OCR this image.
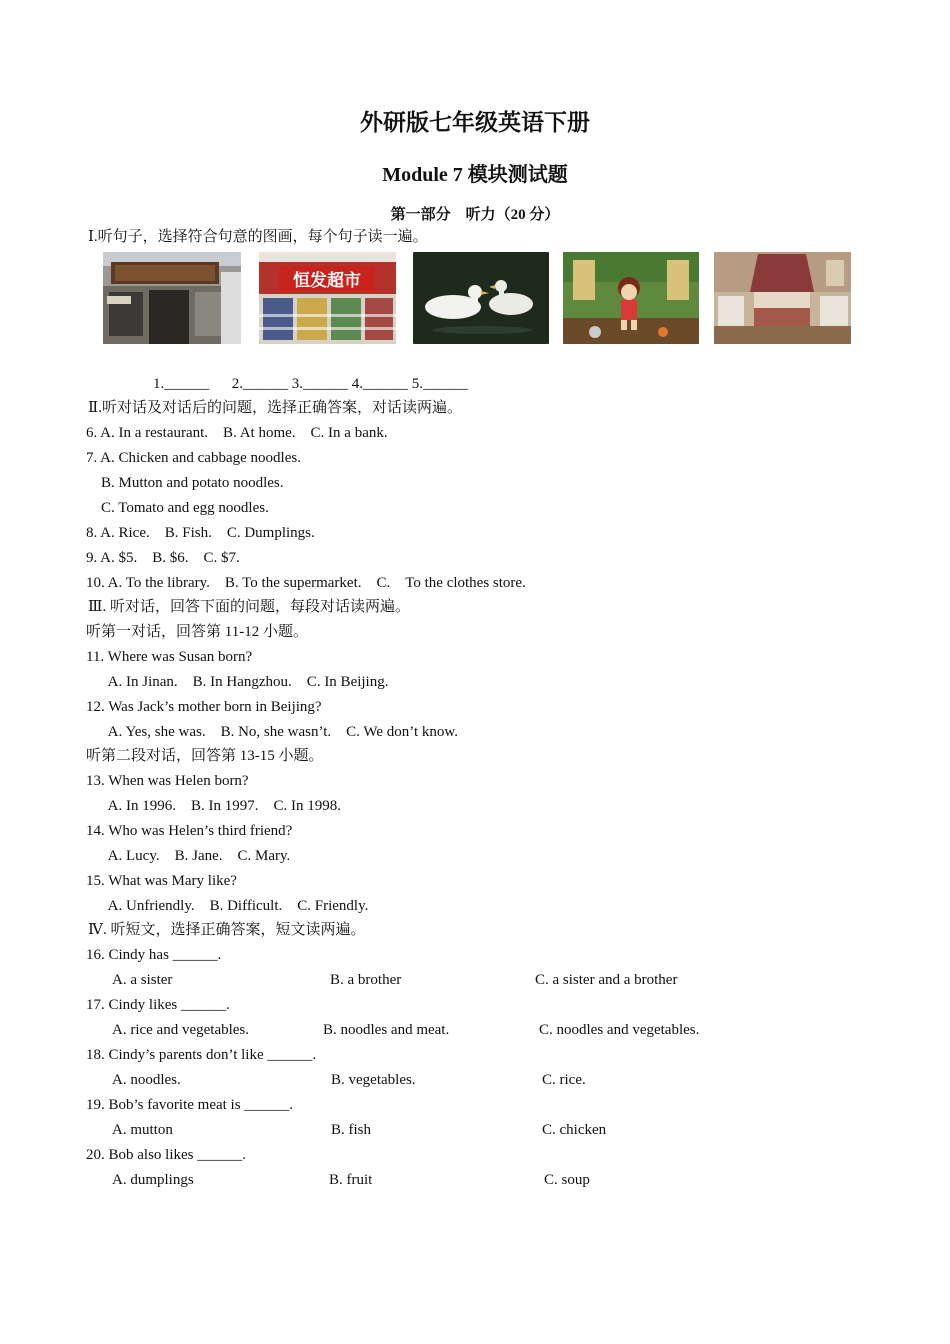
外研版七年级英语下册
Module 7 模块测试题
第一部分　听力（20 分）
Ⅰ.听句子，选择符合句意的图画，每个句子读一遍。
恒发超市
1.______　  2.______ 3.______ 4.______ 5.______
Ⅱ.听对话及对话后的问题，选择正确答案，对话读两遍。
6. A. In a restaurant.　B. At home.　C. In a bank.
7. A. Chicken and cabbage noodles.
B. Mutton and potato noodles.
C. Tomato and egg noodles.
8. A. Rice.　B. Fish.　C. Dumplings.
9. A. $5.　B. $6.　C. $7.
10. A. To the library.　B. To the supermarket.　C.　To the clothes store.
Ⅲ. 听对话，回答下面的问题，每段对话读两遍。
听第一对话，回答第 11-12 小题。
11. Where was Susan born?
A. In Jinan.　B. In Hangzhou.　C. In Beijing.
12. Was Jack’s mother born in Beijing?
A. Yes, she was.　B. No, she wasn’t.　C. We don’t know.
听第二段对话，回答第 13-15 小题。
13. When was Helen born?
A. In 1996.　B. In 1997.　C. In 1998.
14. Who was Helen’s third friend?
A. Lucy.　B. Jane.　C. Mary.
15. What was Mary like?
A. Unfriendly.　B. Difficult.　C. Friendly.
Ⅳ. 听短文，选择正确答案，短文读两遍。
16. Cindy has ______.
A. a sister	B. a brother	C. a sister and a brother
17. Cindy likes ______.
A. rice and vegetables.	B. noodles and meat.	C. noodles and vegetables.
18. Cindy’s parents don’t like ______.
A. noodles.	B. vegetables.	C. rice.
19. Bob’s favorite meat is ______.
A. mutton	B. fish	C. chicken
20. Bob also likes ______.
A. dumplings	B. fruit	C. soup
